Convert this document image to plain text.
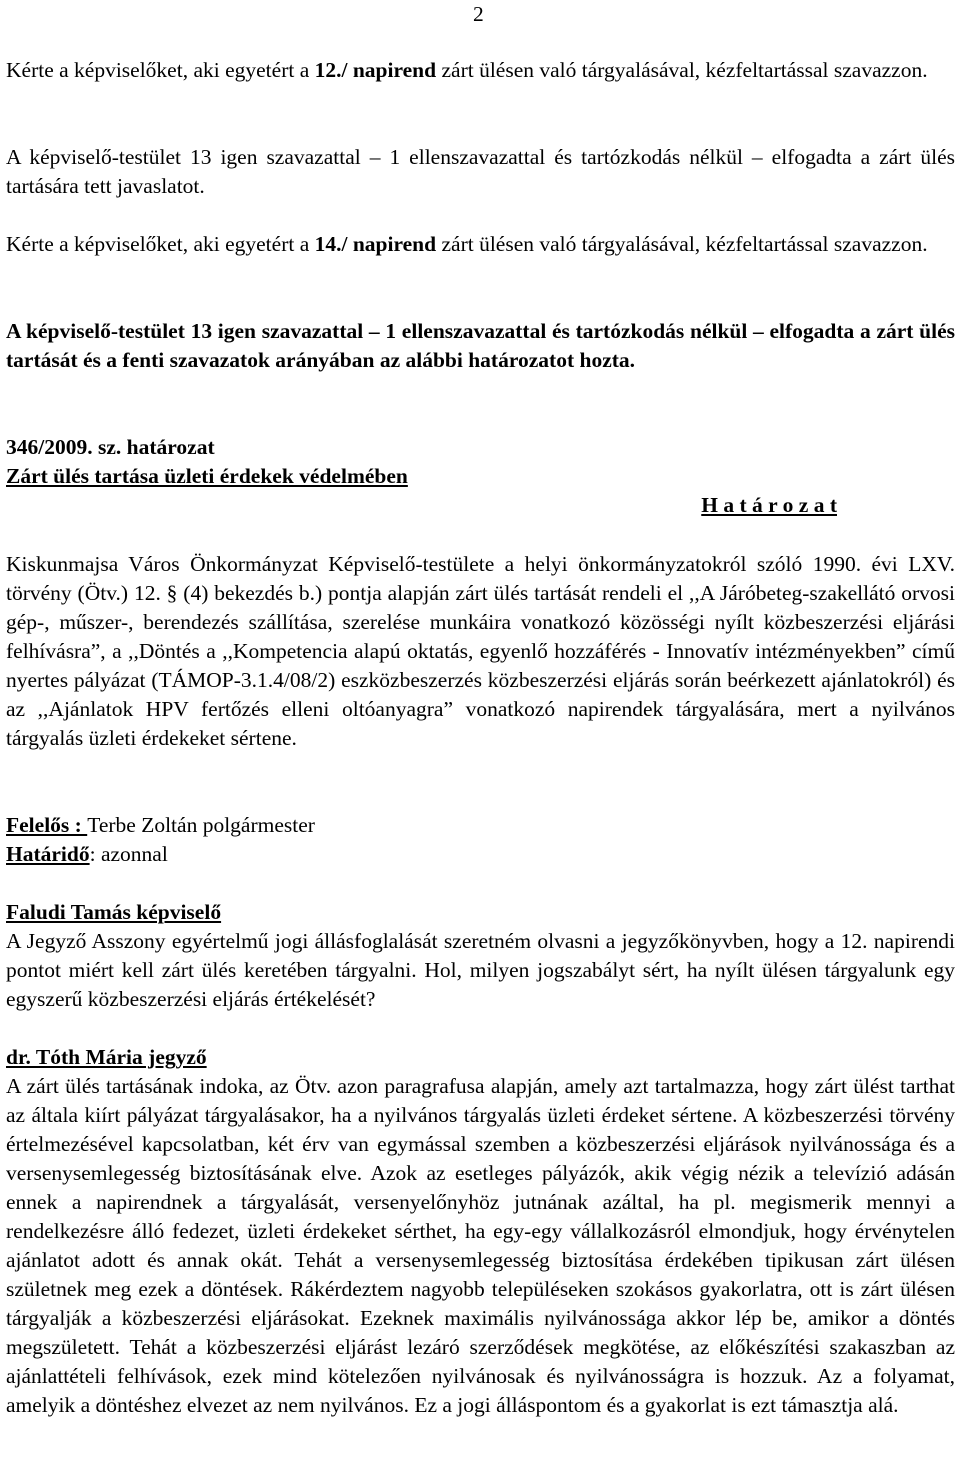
2

Kérte a képviselőket, aki egyetért a 12./ napirend zárt ülésen való tárgyalásával, kézfeltartással szavazzon.

A képviselő-testület 13 igen szavazattal – 1 ellenszavazattal és tartózkodás nélkül – elfogadta a zárt ülés tartására tett javaslatot.

Kérte a képviselőket, aki egyetért a 14./ napirend zárt ülésen való tárgyalásával, kézfeltartással szavazzon.

A képviselő-testület 13 igen szavazattal – 1 ellenszavazattal és tartózkodás nélkül – elfogadta a zárt ülés tartását és a fenti szavazatok arányában az alábbi határozatot hozta.

346/2009. sz. határozat

Zárt ülés tartása üzleti érdekek védelmében

H a t á r o z a t

Kiskunmajsa Város Önkormányzat Képviselő-testülete a helyi önkormányzatokról szóló 1990. évi LXV. törvény (Ötv.) 12. § (4) bekezdés b.) pontja alapján zárt ülés tartását rendeli el ,,A Járóbeteg-szakellátó orvosi gép-, műszer-, berendezés szállítása, szerelése munkáira vonatkozó közösségi nyílt közbeszerzési eljárási felhívásra”, a ,,Döntés a ,,Kompetencia alapú oktatás, egyenlő hozzáférés - Innovatív intézményekben” című nyertes pályázat (TÁMOP-3.1.4/08/2) eszközbeszerzés közbeszerzési eljárás során beérkezett ajánlatokról) és az ,,Ajánlatok HPV fertőzés elleni oltóanyagra” vonatkozó napirendek tárgyalására, mert a nyilvános tárgyalás üzleti érdekeket sértene.

Felelős : Terbe Zoltán polgármester

Határidő: azonnal

Faludi Tamás képviselő

A Jegyző Asszony egyértelmű jogi állásfoglalását szeretném olvasni a jegyzőkönyvben, hogy a 12. napirendi pontot miért kell zárt ülés keretében tárgyalni. Hol, milyen jogszabályt sért, ha nyílt ülésen tárgyalunk egy egyszerű közbeszerzési eljárás értékelését?

dr. Tóth Mária jegyző

A zárt ülés tartásának indoka, az Ötv. azon paragrafusa alapján, amely azt tartalmazza, hogy zárt ülést tarthat az általa kiírt pályázat tárgyalásakor, ha a nyilvános tárgyalás üzleti érdeket sértene. A közbeszerzési törvény értelmezésével kapcsolatban, két érv van egymással szemben a közbeszerzési eljárások nyilvánossága és a versenysemlegesség biztosításának elve. Azok az esetleges pályázók, akik végig nézik a televízió adásán ennek a napirendnek a tárgyalását, versenyelőnyhöz jutnának azáltal, ha pl. megismerik mennyi a rendelkezésre álló fedezet, üzleti érdekeket sérthet, ha egy-egy vállalkozásról elmondjuk, hogy érvénytelen ajánlatot adott és annak okát. Tehát a versenysemlegesség biztosítása érdekében tipikusan zárt ülésen születnek meg ezek a döntések. Rákérdeztem nagyobb településeken szokásos gyakorlatra, ott is zárt ülésen tárgyalják a közbeszerzési eljárásokat. Ezeknek maximális nyilvánossága akkor lép be, amikor a döntés megszületett. Tehát a közbeszerzési eljárást lezáró szerződések megkötése, az előkészítési szakaszban az ajánlattételi felhívások, ezek mind kötelezően nyilvánosak és nyilvánosságra is hozzuk. Az a folyamat, amelyik a döntéshez elvezet az nem nyilvános. Ez a jogi álláspontom és a gyakorlat is ezt támasztja alá.
